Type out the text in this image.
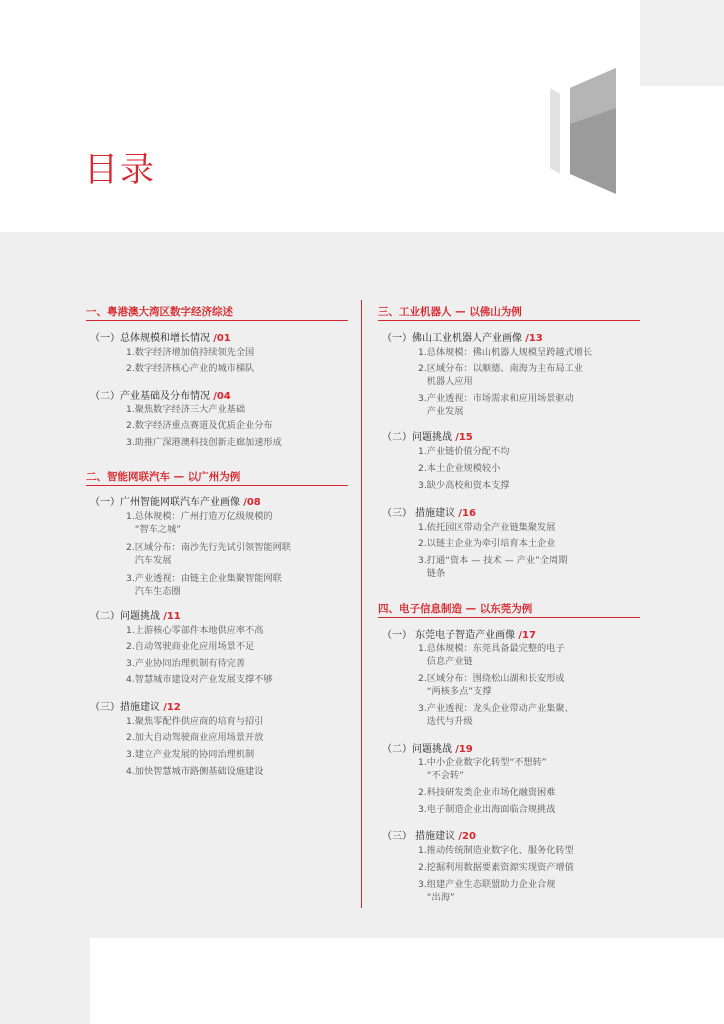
目录

一、粤港澳大湾区数字经济综述

（一）总体规模和增长情况 /01

1.数字经济增加值持续领先全国

2.数字经济核心产业的城市梯队

（二）产业基础及分布情况 /04

1.聚焦数字经济三大产业基础

2.数字经济重点赛道及优质企业分布

3.助推广深港澳科技创新走廊加速形成

二、智能网联汽车 — 以广州为例

（一）广州智能网联汽车产业画像 /08

1.总体规模：广州打造万亿级规模的
“智车之城”

2.区域分布：南沙先行先试引领智能网联
汽车发展

3.产业透视：由链主企业集聚智能网联
汽车生态圈

（二）问题挑战 /11

1.上游核心零部件本地供应率不高

2.自动驾驶商业化应用场景不足

3.产业协同治理机制有待完善

4.智慧城市建设对产业发展支撑不够

（三）措施建议 /12

1.聚焦零配件供应商的培育与招引

2.加大自动驾驶商业应用场景开放

3.建立产业发展的协同治理机制

4.加快智慧城市路侧基础设施建设

三、工业机器人 — 以佛山为例

（一）佛山工业机器人产业画像 /13

1.总体规模：佛山机器人规模呈跨越式增长

2.区域分布：以顺德、南海为主布局工业
机器人应用

3.产业透视：市场需求和应用场景驱动
产业发展

（二）问题挑战 /15

1.产业链价值分配不均

2.本土企业规模较小

3.缺少高校和资本支撑

（三） 措施建议 /16

1.依托园区带动全产业链集聚发展

2.以链主企业为牵引培育本土企业

3.打通“资本 — 技术 — 产业”全周期
链条

四、电子信息制造 — 以东莞为例

（一） 东莞电子智造产业画像 /17

1.总体规模：东莞具备最完整的电子
信息产业链

2.区域分布：围绕松山湖和长安形成
“两核多点”支撑

3.产业透视：龙头企业带动产业集聚、
迭代与升级

（二）问题挑战 /19

1.中小企业数字化转型“不想转”
“不会转”

2.科技研发类企业市场化融资困难

3.电子制造企业出海面临合规挑战

（三） 措施建议 /20

1.推动传统制造业数字化、服务化转型

2.挖掘利用数据要素资源实现资产增值

3.组建产业生态联盟助力企业合规
“出海”
